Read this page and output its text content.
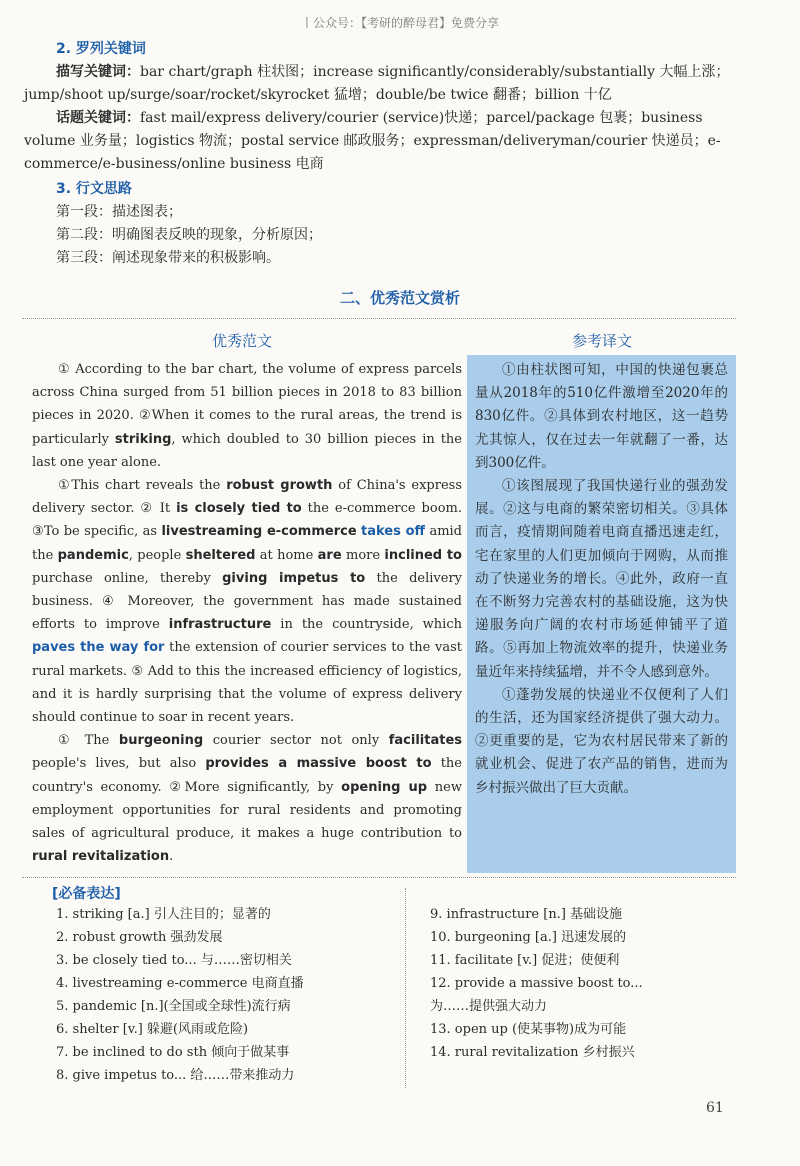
丨公众号：【考研的醉母君】免费分享
2. 罗列关键词
描写关键词：bar chart/graph 柱状图；increase significantly/considerably/substantially 大幅上涨；jump/shoot up/surge/soar/rocket/skyrocket 猛增；double/be twice 翻番；billion 十亿
话题关键词：fast mail/express delivery/courier (service)快递；parcel/package 包裹；business volume 业务量；logistics 物流；postal service 邮政服务；expressman/deliveryman/courier 快递员；e-commerce/e-business/online business 电商
3. 行文思路
第一段：描述图表；
第二段：明确图表反映的现象，分析原因；
第三段：阐述现象带来的积极影响。
二、优秀范文赏析
优秀范文	参考译文

① According to the bar chart, the volume of express parcels across China surged from 51 billion pieces in 2018 to 83 billion pieces in 2020. ②When it comes to the rural areas, the trend is particularly striking, which doubled to 30 billion pieces in the last one year alone.

①This chart reveals the robust growth of China's express delivery sector. ② It is closely tied to the e-commerce boom. ③To be specific, as livestreaming e-commerce takes off amid the pandemic, people sheltered at home are more inclined to purchase online, thereby giving impetus to the delivery business. ④ Moreover, the government has made sustained efforts to improve infrastructure in the countryside, which paves the way for the extension of courier services to the vast rural markets. ⑤ Add to this the increased efficiency of logistics, and it is hardly surprising that the volume of express delivery should continue to soar in recent years.

① The burgeoning courier sector not only facilitates people's lives, but also provides a massive boost to the country's economy. ②More significantly, by opening up new employment opportunities for rural residents and promoting sales of agricultural produce, it makes a huge contribution to rural revitalization.

①由柱状图可知，中国的快递包裹总量从2018年的510亿件激增至2020年的830亿件。②具体到农村地区，这一趋势尤其惊人，仅在过去一年就翻了一番，达到300亿件。

①该图展现了我国快递行业的强劲发展。②这与电商的繁荣密切相关。③具体而言，疫情期间随着电商直播迅速走红，宅在家里的人们更加倾向于网购，从而推动了快递业务的增长。④此外，政府一直在不断努力完善农村的基础设施，这为快递服务向广阔的农村市场延伸铺平了道路。⑤再加上物流效率的提升，快递业务量近年来持续猛增，并不令人感到意外。

①蓬勃发展的快递业不仅便利了人们的生活，还为国家经济提供了强大动力。②更重要的是，它为农村居民带来了新的就业机会、促进了农产品的销售，进而为乡村振兴做出了巨大贡献。

[必备表达]
1. striking [a.] 引人注目的；显著的
2. robust growth 强劲发展
3. be closely tied to... 与……密切相关
4. livestreaming e-commerce 电商直播
5. pandemic [n.](全国或全球性)流行病
6. shelter [v.] 躲避(风雨或危险)
7. be inclined to do sth 倾向于做某事
8. give impetus to... 给……带来推动力
9. infrastructure [n.] 基础设施
10. burgeoning [a.] 迅速发展的
11. facilitate [v.] 促进；使便利
12. provide a massive boost to...
为……提供强大动力
13. open up (使某事物)成为可能
14. rural revitalization 乡村振兴
61
